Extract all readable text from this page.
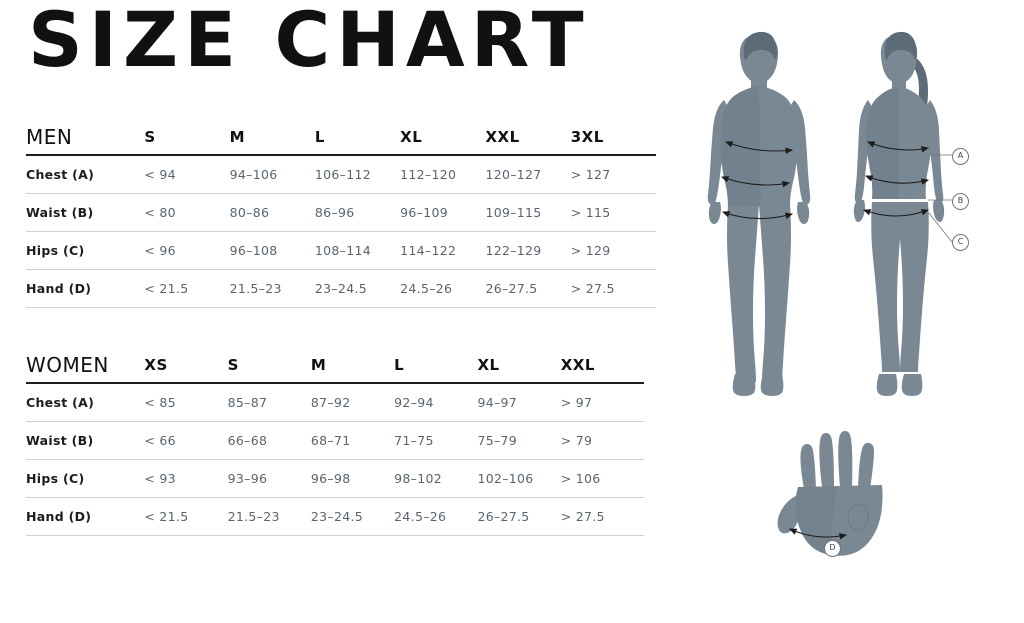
SIZE CHART
MEN	S	M	L	XL	XXL	3XL
Chest (A)	< 94	94–106	106–112	112–120	120–127	> 127
Waist (B)	< 80	80–86	86–96	96–109	109–115	> 115
Hips (C)	< 96	96–108	108–114	114–122	122–129	> 129
Hand (D)	< 21.5	21.5–23	23–24.5	24.5–26	26–27.5	> 27.5
WOMEN	XS	S	M	L	XL	XXL
Chest (A)	< 85	85–87	87–92	92–94	94–97	> 97
Waist (B)	< 66	66–68	68–71	71–75	75–79	> 79
Hips (C)	< 93	93–96	96–98	98–102	102–106	> 106
Hand (D)	< 21.5	21.5–23	23–24.5	24.5–26	26–27.5	> 27.5
A
B
C
D
